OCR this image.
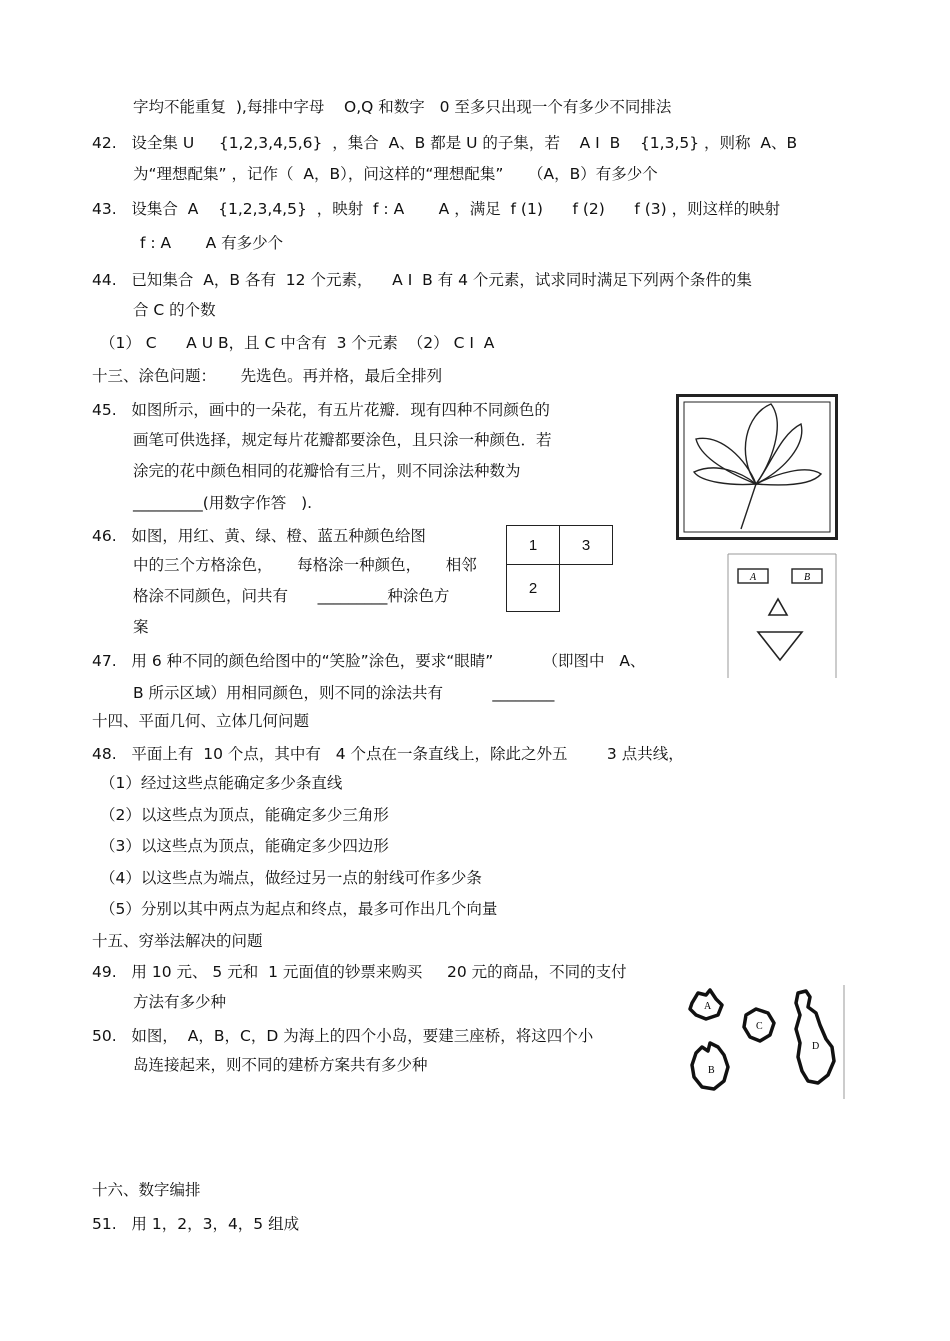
字均不能重复  ),每排中字母    O,Q 和数字   0 至多只出现一个有多少不同排法
42.   设全集 U     {1,2,3,4,5,6}  ，集合  A、B 都是 U 的子集，若    A I  B    {1,3,5} ，则称  A、B
为“理想配集” ，记作（  A，B），问这样的“理想配集”     （A，B）有多少个
43.   设集合  A    {1,2,3,4,5}  ，映射  f : A       A ，满足  f (1)      f (2)      f (3) ，则这样的映射
f : A       A 有多少个
44.   已知集合  A，B 各有  12 个元素，    A I  B 有 4 个元素，试求同时满足下列两个条件的集
合 C 的个数
（1） C      A U B，且 C 中含有  3 个元素  （2） C I  A
十三、涂色问题：     先选色。再并格，最后全排列
45.   如图所示，画中的一朵花，有五片花瓣．现有四种不同颜色的
画笔可供选择，规定每片花瓣都要涂色，且只涂一种颜色．若
涂完的花中颜色相同的花瓣恰有三片，则不同涂法种数为
_________(用数字作答   ).
46.   如图，用红、黄、绿、橙、蓝五种颜色给图
中的三个方格涂色，     每格涂一种颜色，     相邻
格涂不同颜色，问共有      _________种涂色方
案
47.   用 6 种不同的颜色给图中的“笑脸”涂色，要求“眼睛”          （即图中   A、
B 所示区域）用相同颜色，则不同的涂法共有          ________
十四、平面几何、立体几何问题
48.   平面上有  10 个点，其中有   4 个点在一条直线上，除此之外五        3 点共线，
（1）经过这些点能确定多少条直线
（2）以这些点为顶点，能确定多少三角形
（3）以这些点为顶点，能确定多少四边形
（4）以这些点为端点，做经过另一点的射线可作多少条
（5）分别以其中两点为起点和终点，最多可作出几个向量
十五、穷举法解决的问题
49.   用 10 元、 5 元和  1 元面值的钞票来购买     20 元的商品，不同的支付
方法有多少种
50.   如图，  A，B，C，D 为海上的四个小岛，要建三座桥，将这四个小
岛连接起来，则不同的建桥方案共有多少种
十六、数字编排
51.   用 1，2，3，4，5 组成
1	3
2	
A	B
A
B
C
D
